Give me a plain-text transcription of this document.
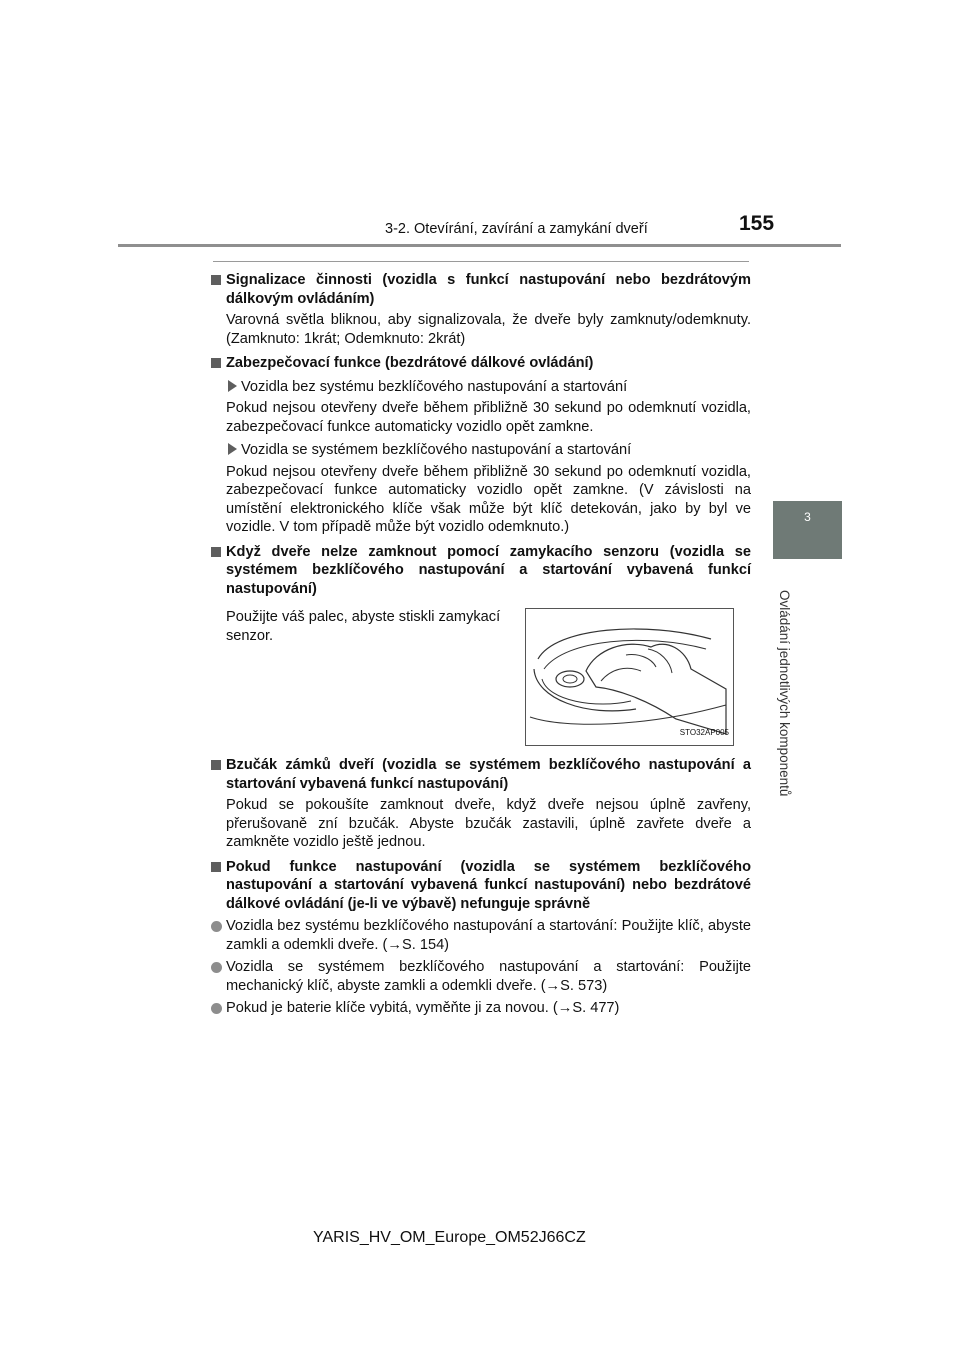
3-2. Otevírání, zavírání a zamykání dveří	155
3
Ovládání jednotlivých komponentů
Signalizace činnosti (vozidla s funkcí nastupování nebo bezdrátovým dálkovým ovládáním)
Varovná světla bliknou, aby signalizovala, že dveře byly zamknuty/odemknuty. (Zamknuto: 1krát; Odemknuto: 2krát)
Zabezpečovací funkce (bezdrátové dálkové ovládání)
Vozidla bez systému bezklíčového nastupování a startování
Pokud nejsou otevřeny dveře během přibližně 30 sekund po odemknutí vozidla, zabezpečovací funkce automaticky vozidlo opět zamkne.
Vozidla se systémem bezklíčového nastupování a startování
Pokud nejsou otevřeny dveře během přibližně 30 sekund po odemknutí vozidla, zabezpečovací funkce automaticky vozidlo opět zamkne. (V závislosti na umístění elektronického klíče však může být klíč detekován, jako by byl ve vozidle. V tom případě může být vozidlo odemknuto.)
Když dveře nelze zamknout pomocí zamykacího senzoru (vozidla se systémem bezklíčového nastupování a startování vybavená funkcí nastupování)
Použijte váš palec, abyste stiskli zamykací senzor.
STO32AP005
Bzučák zámků dveří (vozidla se systémem bezklíčového nastupování a startování vybavená funkcí nastupování)
Pokud se pokoušíte zamknout dveře, když dveře nejsou úplně zavřeny, přerušovaně zní bzučák. Abyste bzučák zastavili, úplně zavřete dveře a zamkněte vozidlo ještě jednou.
Pokud funkce nastupování (vozidla se systémem bezklíčového nastupování a startování vybavená funkcí nastupování) nebo bezdrátové dálkové ovládání (je-li ve výbavě) nefunguje správně
Vozidla bez systému bezklíčového nastupování a startování: Použijte klíč, abyste zamkli a odemkli dveře. (→S. 154)
Vozidla se systémem bezklíčového nastupování a startování: Použijte mechanický klíč, abyste zamkli a odemkli dveře. (→S. 573)
Pokud je baterie klíče vybitá, vyměňte ji za novou. (→S. 477)
YARIS_HV_OM_Europe_OM52J66CZ
